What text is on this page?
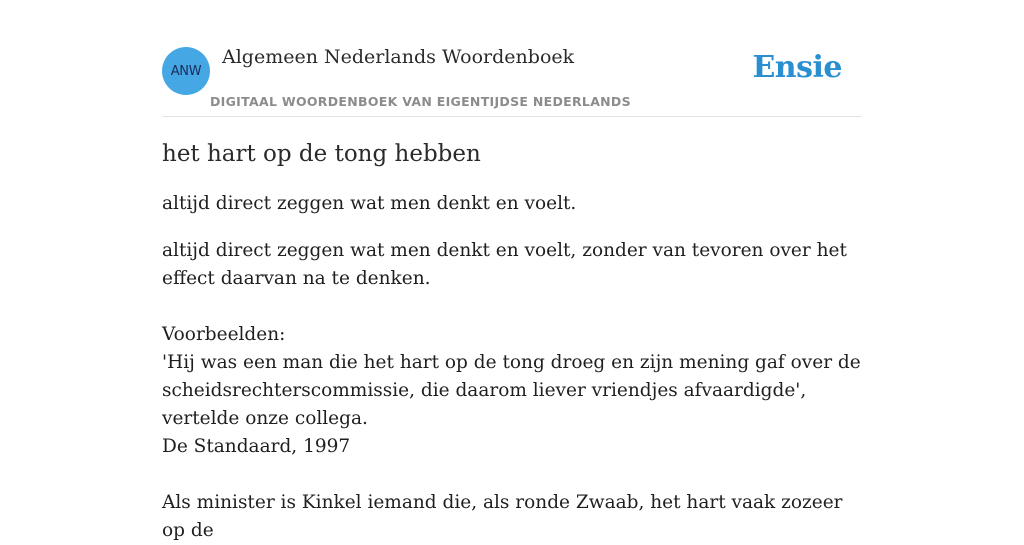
ANW
Algemeen Nederlands Woordenboek
DIGITAAL WOORDENBOEK VAN EIGENTIJDSE NEDERLANDS
Ensie
het hart op de tong hebben

altijd direct zeggen wat men denkt en voelt.

altijd direct zeggen wat men denkt en voelt, zonder van tevoren over het effect daarvan na te denken.
Voorbeelden:
'Hij was een man die het hart op de tong droeg en zijn mening gaf over de scheidsrechterscommissie, die daarom liever vriendjes afvaardigde', vertelde onze collega.
De Standaard, 1997
Als minister is Kinkel iemand die, als ronde Zwaab, het hart vaak zozeer op de
